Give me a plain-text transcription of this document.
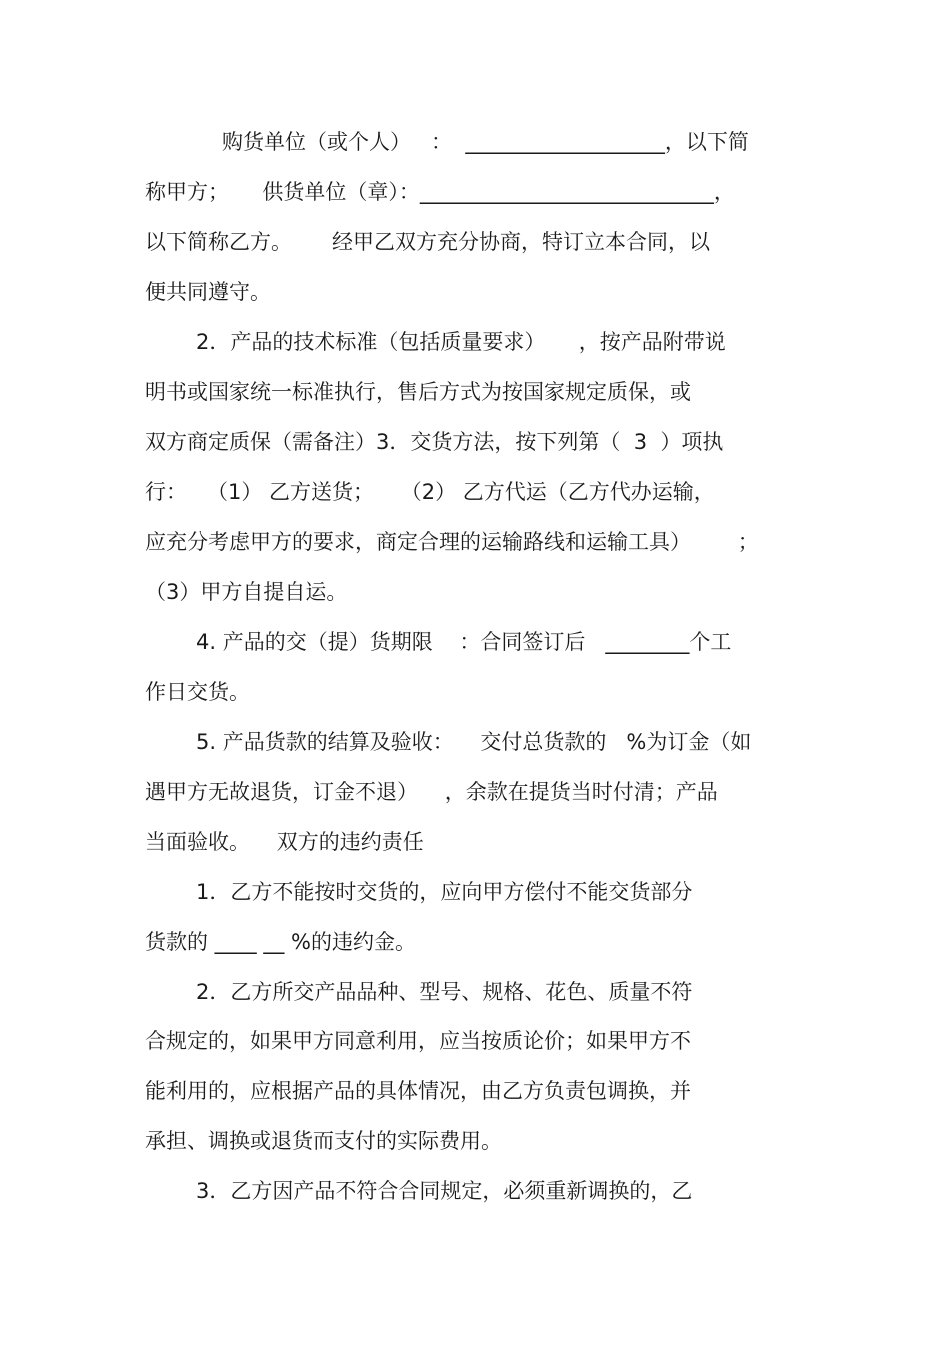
购货单位（或个人）   ：  ___________________，以下简
称甲方；     供货单位（章）：____________________________，
以下简称乙方。      经甲乙双方充分协商，特订立本合同，以
便共同遵守。
2．产品的技术标准（包括质量要求）     ，按产品附带说
明书或国家统一标准执行，售后方式为按国家规定质保，或
双方商定质保（需备注）3．交货方法，按下列第（  3  ）项执
行：   （1） 乙方送货；    （2） 乙方代运（乙方代办运输，
应充分考虑甲方的要求，商定合理的运输路线和运输工具）       ；
（3）甲方自提自运。
4. 产品的交（提）货期限    ：合同签订后   ________个工
作日交货。
5. 产品货款的结算及验收：    交付总货款的   %为订金（如
遇甲方无故退货，订金不退）    ，余款在提货当时付清；产品
当面验收。    双方的违约责任
1．乙方不能按时交货的，应向甲方偿付不能交货部分
货款的 ____ __ %的违约金。
2．乙方所交产品品种、型号、规格、花色、质量不符
合规定的，如果甲方同意利用，应当按质论价；如果甲方不
能利用的，应根据产品的具体情况，由乙方负责包调换，并
承担、调换或退货而支付的实际费用。
3．乙方因产品不符合合同规定，必须重新调换的，乙
